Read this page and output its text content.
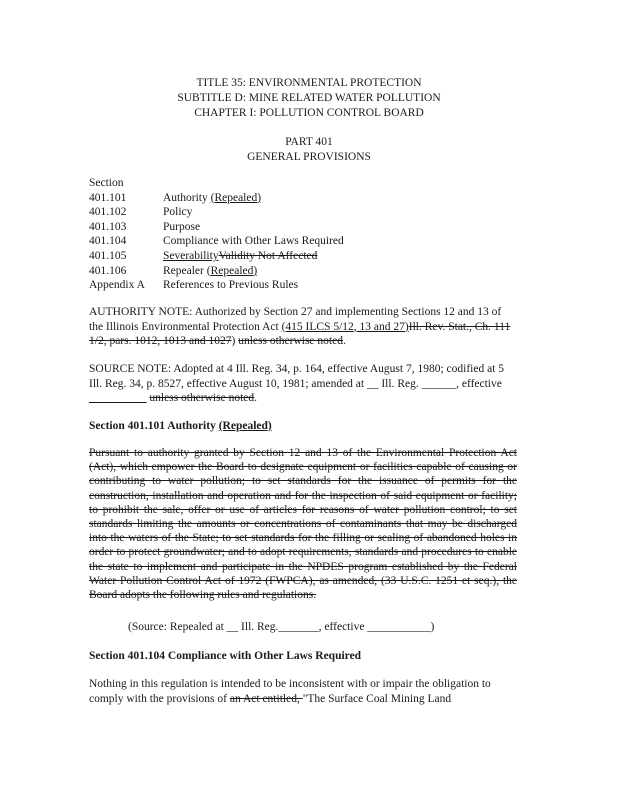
TITLE 35: ENVIRONMENTAL PROTECTION
SUBTITLE D: MINE RELATED WATER POLLUTION
CHAPTER I: POLLUTION CONTROL BOARD
PART 401
GENERAL PROVISIONS
Section
401.101	Authority (Repealed)
401.102	Policy
401.103	Purpose
401.104	Compliance with Other Laws Required
401.105	SeverabilityValidity Not Affected
401.106	Repealer (Repealed)
Appendix A	References to Previous Rules
AUTHORITY NOTE: Authorized by Section 27 and implementing Sections 12 and 13 of the Illinois Environmental Protection Act (415 ILCS 5/12, 13 and 27)Ill. Rev. Stat., Ch. 111 1/2, pars. 1012, 1013 and 1027) unless otherwise noted.
SOURCE NOTE: Adopted at 4 Ill. Reg. 34, p. 164, effective August 7, 1980; codified at 5 Ill. Reg. 34, p. 8527, effective August 10, 1981; amended at __ Ill. Reg. ______, effective __________ unless otherwise noted.
Section 401.101 Authority (Repealed)
Pursuant to authority granted by Section 12 and 13 of the Environmental Protection Act (Act), which empower the Board to designate equipment or facilities capable of causing or contributing to water pollution; to set standards for the issuance of permits for the construction, installation and operation and for the inspection of said equipment or facility; to prohibit the sale, offer or use of articles for reasons of water pollution control; to set standards limiting the amounts or concentrations of contaminants that may be discharged into the waters of the State; to set standards for the filling or sealing of abandoned holes in order to protect groundwater; and to adopt requirements, standards and procedures to enable the state to implement and participate in the NPDES program established by the Federal Water Pollution Control Act of 1972 (FWPCA), as amended, (33 U.S.C. 1251 et seq.), the Board adopts the following rules and regulations.
(Source: Repealed at __ Ill. Reg._______, effective ___________)
Section 401.104 Compliance with Other Laws Required
Nothing in this regulation is intended to be inconsistent with or impair the obligation to comply with the provisions of an Act entitled, "The Surface Coal Mining Land
